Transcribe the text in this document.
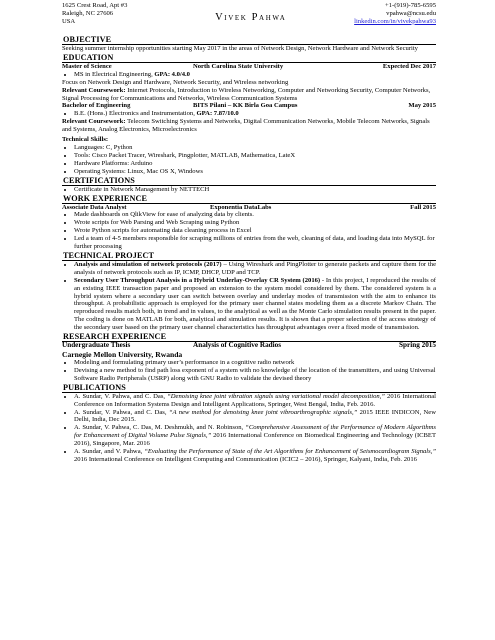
1625 Crest Road, Apt #3
Raleigh, NC 27606
USA	Vivek Pahwa
+1-(919)-785-6595
vpahwa@ncsu.edu
linkedin.com/in/vivekpahwa93
OBJECTIVE

Seeking summer internship opportunities starting May 2017 in the areas of Network Design, Network Hardware and Network Security

EDUCATION
Master of Science	North Carolina State University	Expected Dec 2017
• MS in Electrical Engineering, GPA: 4.0/4.0

Focus on Network Design and Hardware, Network Security, and Wireless networking

Relevant Coursework: Internet Protocols, Introduction to Wireless Networking, Computer and Networking Security, Computer Networks, Signal Processing for Communications and Networks, Wireless Communication Systems

Bachelor of Engineering	BITS Pilani – KK Birla Goa Campus	May 2015
• B.E. (Hons.) Electronics and Instrumentation, GPA: 7.87/10.0

Relevant Coursework: Telecom Switching Systems and Networks, Digital Communication Networks, Mobile Telecom Networks, Signals and Systems, Analog Electronics, Microelectronics

Technical Skills:
• Languages: C, Python
• Tools: Cisco Packet Tracer, Wireshark, Pingplotter, MATLAB, Mathematica, LateX
• Hardware Platforms: Arduino
• Operating Systems: Linux, Mac OS X, Windows
CERTIFICATIONS
• Certificate in Network Management by NETTECH
WORK EXPERIENCE
Associate Data Analyst	Exponentia DataLabs	Fall 2015
• Made dashboards on QlikView for ease of analyzing data by clients.
• Wrote scripts for Web Parsing and Web Scraping using Python
• Wrote Python scripts for automating data cleaning process in Excel
• Led a team of 4-5 members responsible for scraping millions of entries from the web, cleaning of data, and loading data into MySQL for further processing
TECHNICAL PROJECT
• Analysis and simulation of network protocols (2017) – Using Wireshark and PingPlotter to generate packets and capture them for the analysis of network protocols such as IP, ICMP, DHCP, UDP and TCP.
• Secondary User Throughput Analysis in a Hybrid Underlay-Overlay CR System (2016) - In this project, I reproduced the results of an existing IEEE transaction paper and proposed an extension to the system model considered by them. The considered system is a hybrid system where a secondary user can switch between overlay and underlay modes of transmission with the aim to enhance its throughput. A probabilistic approach is employed for the primary user channel states modeling them as a discrete Markov Chain. The reproduced results match both, in trend and in values, to the analytical as well as the Monte Carlo simulation results present in the paper. The coding is done on MATLAB for both, analytical and simulation results. It is shown that a proper selection of the access strategy of the secondary user based on the primary user channel characteristics has throughput advantages over a fixed mode of transmission.
RESEARCH EXPERIENCE
Undergraduate Thesis	Analysis of Cognitive Radios	Spring 2015
Carnegie Mellon University, Rwanda
• Modeling and formulating primary user’s performance in a cognitive radio network
• Devising a new method to find path loss exponent of a system with no knowledge of the location of the transmitters, and using Universal Software Radio Peripherals (USRP) along with GNU Radio to validate the devised theory
PUBLICATIONS
• A. Sundar, V. Pahwa, and C. Das, “Denoising knee joint vibration signals using variational model decomposition,” 2016 International Conference on Information Systems Design and Intelligent Applications, Springer, West Bengal, India, Feb. 2016.
• A. Sundar, V. Pahwa, and C. Das, “A new method for denoising knee joint vibroarthrographic signals,” 2015 IEEE INDICON, New Delhi, India, Dec 2015.
• A. Sundar, V. Pahwa, C. Das, M. Deshmukh, and N. Robinson, “Comprehensive Assessment of the Performance of Modern Algorithms for Enhancement of Digital Volume Pulse Signals,” 2016 International Conference on Biomedical Engineering and Technology (ICBET 2016), Singapore, Mar. 2016
• A. Sundar, and V. Pahwa, “Evaluating the Performance of State of the Art Algorithms for Enhancement of Seismocardiogram Signals,” 2016 International Conference on Intelligent Computing and Communication (ICIC2 – 2016), Springer, Kalyani, India, Feb. 2016
